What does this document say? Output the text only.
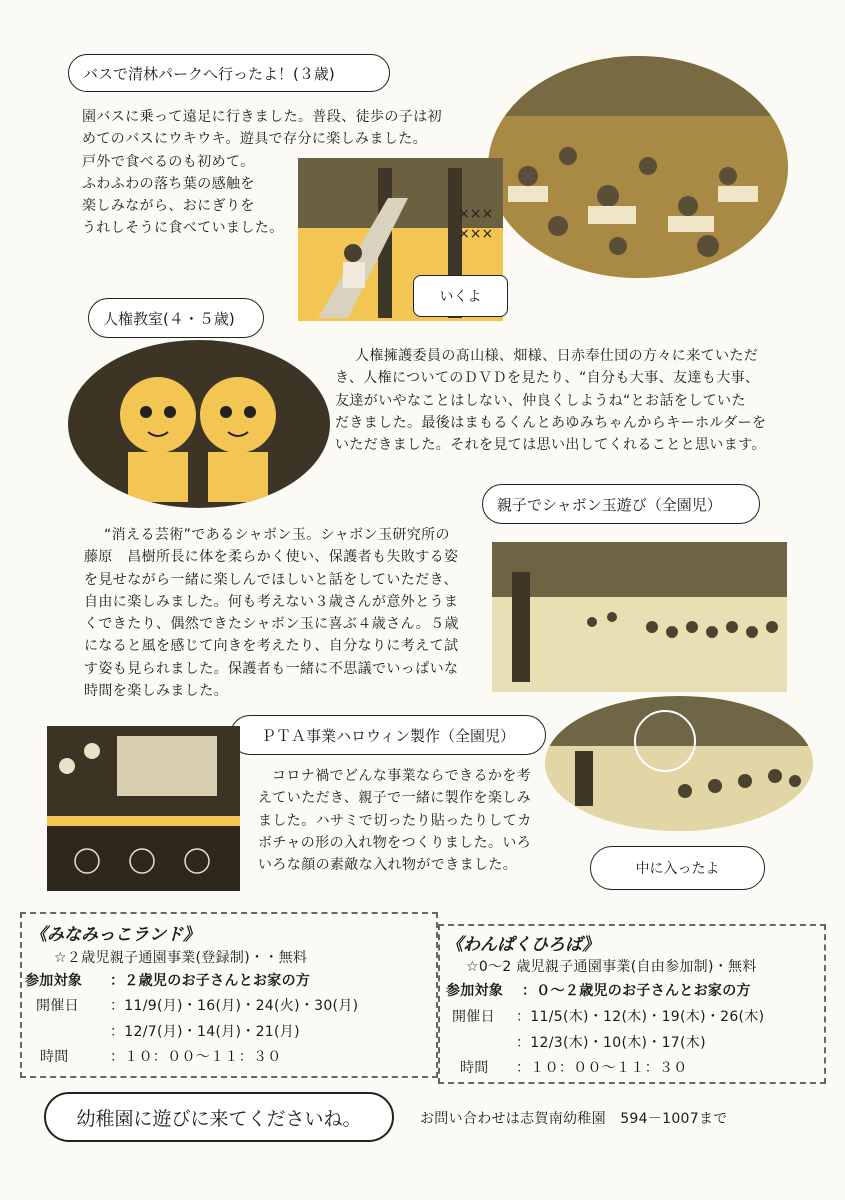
バスで清林パークへ行ったよ！(３歳)
園バスに乗って遠足に行きました。普段、徒歩の子は初
めてのバスにウキウキ。遊具で存分に楽しみました。
戸外で食べるのも初めて。
ふわふわの落ち葉の感触を
楽しみながら、おにぎりを
うれしそうに食べていました。
×××
×××
いくよ
人権教室(４・５歳)
人権擁護委員の髙山様、畑様、日赤奉仕団の方々に来ていただ
き、人権についてのＤＶＤを見たり、“自分も大事、友達も大事、
友達がいやなことはしない、仲良くしようね“とお話をしていた
だきました。最後はまもるくんとあゆみちゃんからキーホルダーを
いただきました。それを見ては思い出してくれることと思います。
親子でシャボン玉遊び（全園児）
“消える芸術”であるシャボン玉。シャボン玉研究所の
藤原　昌樹所長に体を柔らかく使い、保護者も失敗する姿
を見せながら一緒に楽しんでほしいと話をしていただき、
自由に楽しみました。何も考えない３歳さんが意外とうま
くできたり、偶然できたシャボン玉に喜ぶ４歳さん。５歳
になると風を感じて向きを考えたり、自分なりに考えて試
す姿も見られました。保護者も一緒に不思議でいっぱいな
時間を楽しみました。
中に入ったよ
ＰＴＡ事業ハロウィン製作（全園児）
コロナ禍でどんな事業ならできるかを考
えていただき、親子で一緒に製作を楽しみ
ました。ハサミで切ったり貼ったりしてカ
ボチャの形の入れ物をつくりました。いろ
いろな顔の素敵な入れ物ができました。
《みなみっこランド》
☆２歳児親子通園事業(登録制)・・無料
参加対象 ：２歳児のお子さんとお家の方
開催日 ：11/9(月)・16(月)・24(火)・30(月)
：12/7(月)・14(月)・21(月)
時間	：１０：００～１１：３０
《わんぱくひろば》
☆0～2 歳児親子通園事業(自由参加制)・無料
参加対象 ：０～２歳児のお子さんとお家の方
開催日 ：11/5(木)・12(木)・19(木)・26(木)
：12/3(木)・10(木)・17(木)
時間 ：１０：００～１１：３０
幼稚園に遊びに来てくださいね。	お問い合わせは志賀南幼稚園　594－1007まで
